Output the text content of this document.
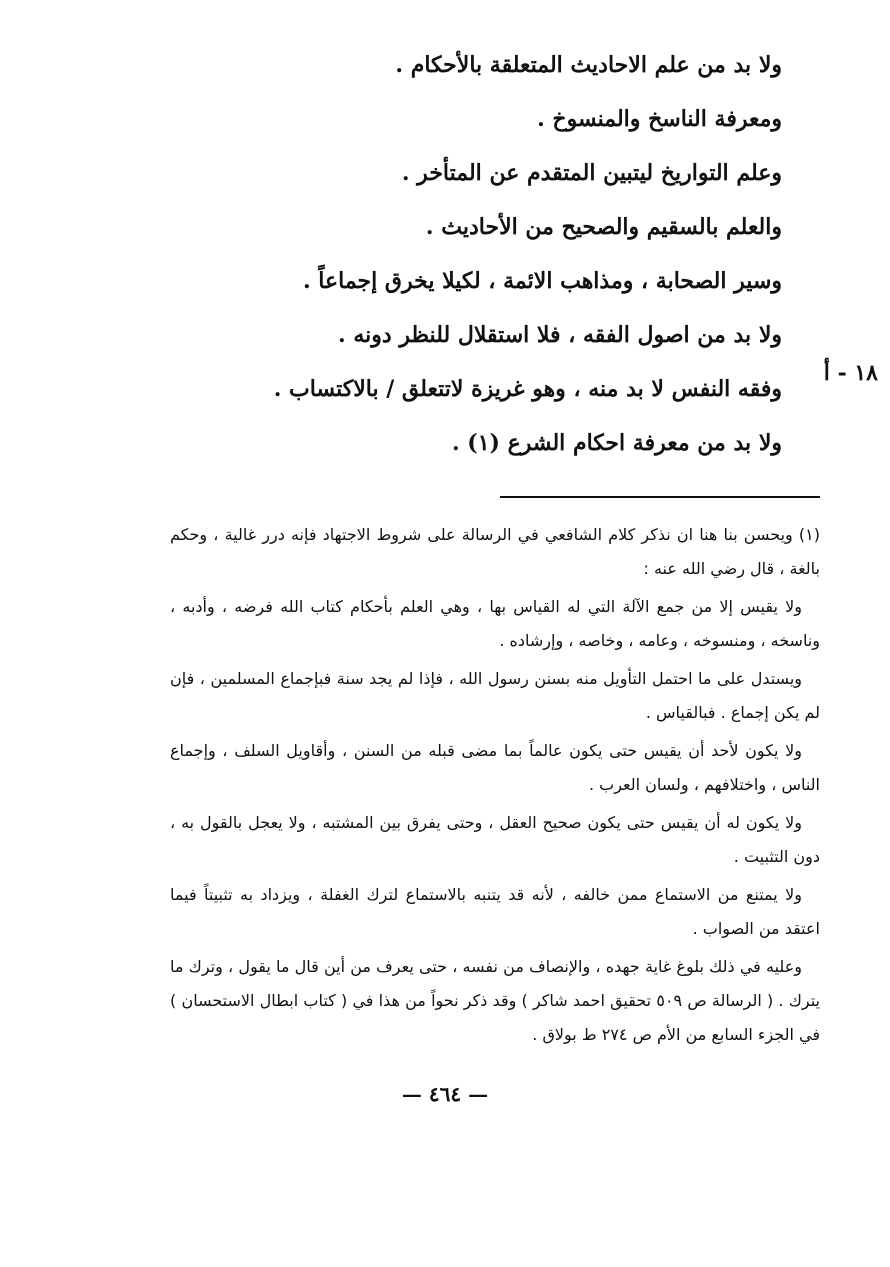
ولا بد من علم الاحاديث المتعلقة بالأحكام .
ومعرفة الناسخ والمنسوخ .
وعلم التواريخ ليتبين المتقدم عن المتأخر .
والعلم بالسقيم والصحيح من الأحاديث .
وسير الصحابة ، ومذاهب الائمة ، لكيلا يخرق إجماعاً .
ولا بد من اصول الفقه ، فلا استقلال للنظر دونه .
وفقه النفس لا بد منه ، وهو غريزة لاتتعلق / بالاكتساب .
ولا بد من معرفة احكام الشرع (١) .
١٨ - أ

(١) ويحسن بنا هنا ان نذكر كلام الشافعي في الرسالة على شروط الاجتهاد فإنه درر غالية ، وحكم بالغة ، قال رضي الله عنه :

ولا يقيس إلا من جمع الآلة التي له القياس بها ، وهي العلم بأحكام كتاب الله فرضه ، وأدبه ، وناسخه ، ومنسوخه ، وعامه ، وخاصه ، وإرشاده .

ويستدل على ما احتمل التأويل منه بسنن رسول الله ، فإذا لم يجد سنة فبإجماع المسلمين ، فإن لم يكن إجماع . فبالقياس .

ولا يكون لأحد أن يقيس حتى يكون عالماً بما مضى قبله من السنن ، وأقاويل السلف ، وإجماع الناس ، واختلافهم ، ولسان العرب .

ولا يكون له أن يقيس حتى يكون صحيح العقل ، وحتى يفرق بين المشتبه ، ولا يعجل بالقول به ، دون التثبيت .

ولا يمتنع من الاستماع ممن خالفه ، لأنه قد يتنبه بالاستماع لترك الغفلة ، ويزداد به تثبيتاً فيما اعتقد من الصواب .

وعليه في ذلك بلوغ غاية جهده ، والإنصاف من نفسه ، حتى يعرف من أين قال ما يقول ، وترك ما يترك . ( الرسالة ص ٥٠٩ تحقيق احمد شاكر ) وقد ذكر نحواً من هذا في ( كتاب ابطال الاستحسان ) في الجزء السابع من الأم ص ٢٧٤ ط بولاق .

— ٤٦٤ —
